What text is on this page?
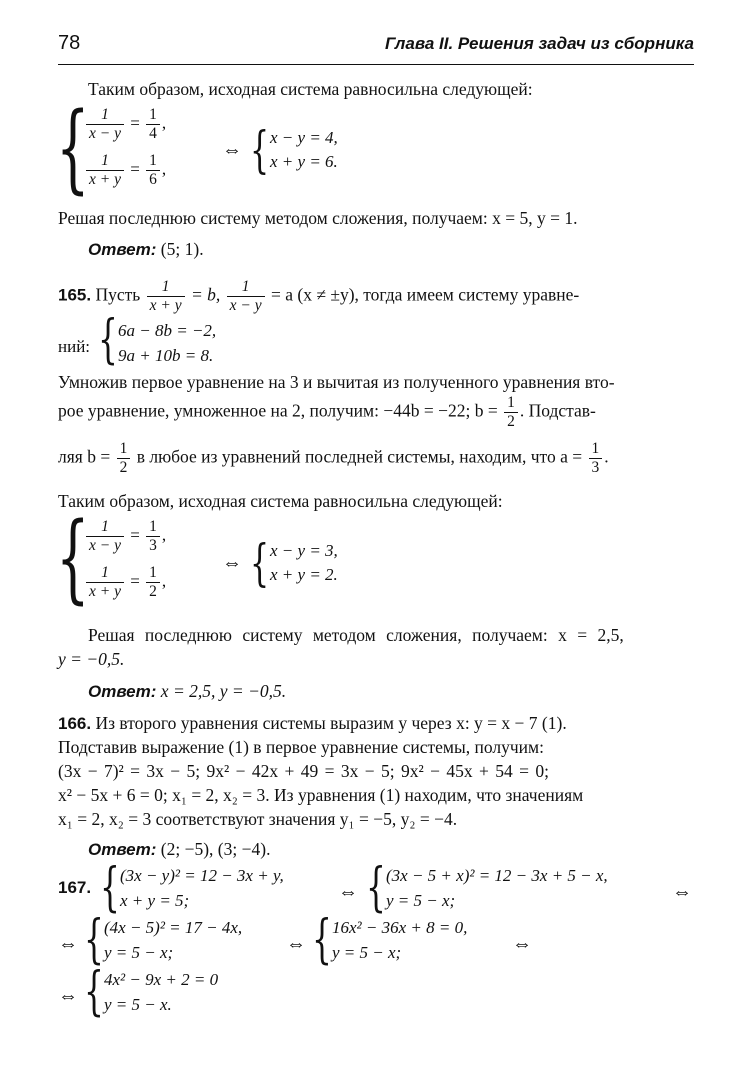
78	Глава II. Решения задач из сборника
Таким образом, исходная система равносильна следующей:
{
$\frac{1}{x - y} = \frac{1}{4}$ ,
$\frac{1}{x + y} = \frac{1}{6}$ ,
⇔ { x − y = 4,
x + y = 6.
Решая последнюю систему методом сложения, получаем: x = 5, y = 1.
Ответ: (5; 1).
165. Пусть $\frac{1}{x + y} = b$, $\frac{1}{x - y} = a$ (x ≠ ±y), тогда имеем систему уравне-
ний: { 6a − 8b = −2,
9a + 10b = 8.
Умножив первое уравнение на 3 и вычитая из полученного уравнения вто-
рое уравнение, умноженное на 2, получим: −44b = −22; $b = \frac{1}{2}$ . Подстав-
ляя $b = \frac{1}{2}$ в любое из уравнений последней системы, находим, что $a = \frac{1}{3}$ .
Таким образом, исходная система равносильна следующей:
{
$\frac{1}{x - y} = \frac{1}{3}$ ,
$\frac{1}{x + y} = \frac{1}{2}$ ,
⇔ { x − y = 3,
x + y = 2.
Решая последнюю систему методом сложения, получаем: x = 2,5,
y = −0,5.
Ответ: x = 2,5, y = −0,5.
166. Из второго уравнения системы выразим y через x: y = x − 7 (1).
Подставив выражение (1) в первое уравнение системы, получим:
(3x − 7)² = 3x − 5; 9x² − 42x + 49 = 3x − 5; 9x² − 45x + 54 = 0;
x² − 5x + 6 = 0; x₁ = 2, x₂ = 3. Из уравнения (1) находим, что значениям
x₁ = 2, x₂ = 3 соответствуют значения y₁ = −5, y₂ = −4.
Ответ: (2; −5), (3; −4).
167. { (3x − y)² = 12 − 3x + y,
x + y = 5;	⇔ { (3x − 5 + x)² = 12 − 3x + 5 − x,
y = 5 − x;	⇔
⇔ { (4x − 5)² = 17 − 4x,
y = 5 − x;	⇔ { 16x² − 36x + 8 = 0,
y = 5 − x;	⇔
⇔ { 4x² − 9x + 2 = 0
y = 5 − x.
